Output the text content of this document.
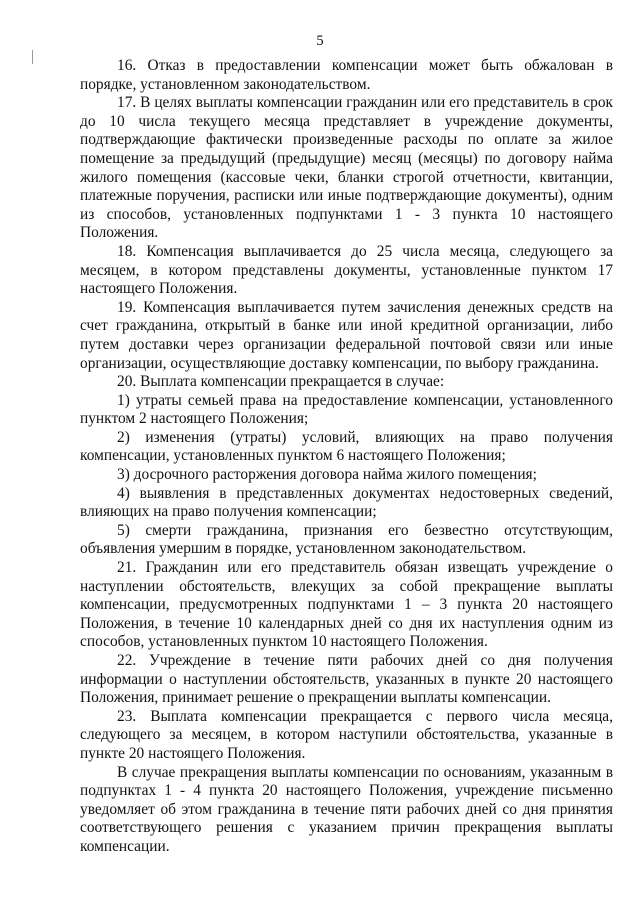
5

16. Отказ в предоставлении компенсации может быть обжалован в порядке, установленном законодательством.

17. В целях выплаты компенсации гражданин или его представитель в срок до 10 числа текущего месяца представляет в учреждение документы, подтверждающие фактически произведенные расходы по оплате за жилое помещение за предыдущий (предыдущие) месяц (месяцы) по договору найма жилого помещения (кассовые чеки, бланки строгой отчетности, квитанции, платежные поручения, расписки или иные подтверждающие документы), одним из способов, установленных подпунктами 1 - 3 пункта 10 настоящего Положения.

18. Компенсация выплачивается до 25 числа месяца, следующего за месяцем, в котором представлены документы, установленные пунктом 17 настоящего Положения.

19. Компенсация выплачивается путем зачисления денежных средств на счет гражданина, открытый в банке или иной кредитной организации, либо путем доставки через организации федеральной почтовой связи или иные организации, осуществляющие доставку компенсации, по выбору гражданина.

20. Выплата компенсации прекращается в случае:

1) утраты семьей права на предоставление компенсации, установленного пунктом 2 настоящего Положения;

2) изменения (утраты) условий, влияющих на право получения компенсации, установленных пунктом 6 настоящего Положения;

3) досрочного расторжения договора найма жилого помещения;

4) выявления в представленных документах недостоверных сведений, влияющих на право получения компенсации;

5) смерти гражданина, признания его безвестно отсутствующим, объявления умершим в порядке, установленном законодательством.

21. Гражданин или его представитель обязан извещать учреждение о наступлении обстоятельств, влекущих за собой прекращение выплаты компенсации, предусмотренных подпунктами 1 – 3 пункта 20 настоящего Положения, в течение 10 календарных дней со дня их наступления одним из способов, установленных пунктом 10 настоящего Положения.

22. Учреждение в течение пяти рабочих дней со дня получения информации о наступлении обстоятельств, указанных в пункте 20 настоящего Положения, принимает решение о прекращении выплаты компенсации.

23. Выплата компенсации прекращается с первого числа месяца, следующего за месяцем, в котором наступили обстоятельства, указанные в пункте 20 настоящего Положения.

В случае прекращения выплаты компенсации по основаниям, указанным в подпунктах 1 - 4 пункта 20 настоящего Положения, учреждение письменно уведомляет об этом гражданина в течение пяти рабочих дней со дня принятия соответствующего решения с указанием причин прекращения выплаты компенсации.
